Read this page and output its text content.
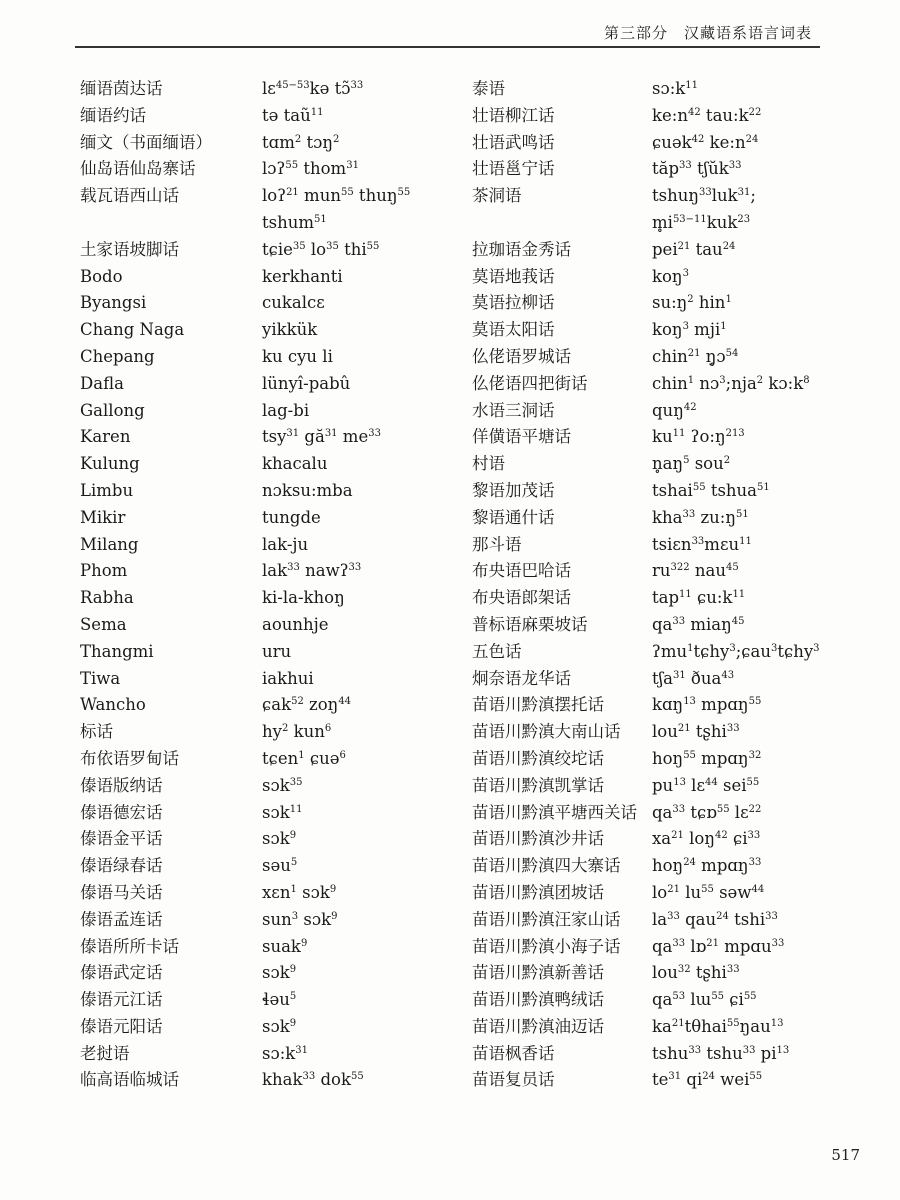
第三部分　汉藏语系语言词表
缅语茵达话
缅语约话
缅文（书面缅语）
仙岛语仙岛寨话
载瓦语西山话
土家语坡脚话
Bodo
Byangsi
Chang Naga
Chepang
Dafla
Gallong
Karen
Kulung
Limbu
Mikir
Milang
Phom
Rabha
Sema
Thangmi
Tiwa
Wancho
标话
布依语罗甸话
傣语版纳话
傣语德宏话
傣语金平话
傣语绿春话
傣语马关话
傣语孟连话
傣语所所卡话
傣语武定话
傣语元江话
傣语元阳话
老挝语
临高语临城话
lɛ$^{45-53}$kə tɔ̃$^{33}$
tə taũ$^{11}$
tɑm$^2$ tɔŋ$^2$
lɔʔ$^{55}$ thom$^{31}$
loʔ$^{21}$ mun$^{55}$ thuŋ$^{55}$
tshum$^{51}$
tɕie$^{35}$ $lo^{35}$ thi$^{55}$
kerkhanti
cukalcɛ
yikkük
ku cyu li
lünyî-pabû
lag-bi
tsy$^{31}$ $gă^{31}$ $me^{33}$
khacalu
nɔksu:mba
tungde
lak-ju
lak$^{33}$ nawʔ$^{33}$
ki-la-khoŋ
aounhje
uru
iakhui
ɕak$^{52}$ zoŋ$^{44}$
$hy^2$ kun$^6$
tɕen$^1$ ɕuə$^6$
sɔk$^{35}$
sɔk$^{11}$
sɔk$^9$
səu$^5$
xɛn$^1$ sɔk$^9$
sun$^3$ sɔk$^9$
suak$^9$
sɔk$^9$
ɬəu$^5$
sɔk$^9$
$sɔ:k^{31}$
khak$^{33}$ dok$^{55}$
泰语
壮语柳江话
壮语武鸣话
壮语邕宁话
茶洞语
拉珈语金秀话
莫语地莪话
莫语拉柳话
莫语太阳话
仫佬语罗城话
仫佬语四把街话
水语三洞话
佯僙语平塘话
村语
黎语加茂话
黎语通什话
那斗语
布央语巴哈话
布央语郎架话
普标语麻栗坡话
五色话
炯奈语龙华话
苗语川黔滇摆托话
苗语川黔滇大南山话
苗语川黔滇绞坨话
苗语川黔滇凯掌话
苗语川黔滇平塘西关话
苗语川黔滇沙井话
苗语川黔滇四大寨话
苗语川黔滇团坡话
苗语川黔滇汪家山话
苗语川黔滇小海子话
苗语川黔滇新善话
苗语川黔滇鸭绒话
苗语川黔滇油迈话
苗语枫香话
苗语复员话
$sɔ:k^{11}$
$ke:n^{42}$ $tau:k^{22}$
ɕuək$^{42}$ $ke:n^{24}$
tăp$^{33}$ tʃŭk$^{33}$
tshuŋ$^{33}$luk$^{31}$;
$m̥i^{53-11}kuk^{23}$
pei$^{21}$ tau$^{24}$
koŋ$^3$
$su:ŋ^2$ hin$^1$
koŋ$^3$ mji$^1$
chin$^{21}$ ŋ̥ɔ$^{54}$
chin$^1$ nɔ$^3$;nja$^2$ $kɔ:k^8$
quŋ$^{42}$
$ku^{11}$ $ʔo:ŋ^{213}$
$n̥aŋ^5$ sou$^2$
tshai$^{55}$ tshua$^{51}$
kha$^{33}$ $zu:ŋ^{51}$
tsiɛn$^{33}$mɛu$^{11}$
$ru^{322}$ nau$^{45}$
tap$^{11}$ $ɕu:k^{11}$
$qa^{33}$ miaŋ$^{45}$
ʔmu$^1$tɕhy$^3$;ɕau$^3$tɕhy$^3$
tʃa$^{31}$ ðua$^{43}$
kɑŋ$^{13}$ mpɑŋ$^{55}$
lou$^{21}$ tʂhi$^{33}$
hoŋ$^{55}$ mpɑŋ$^{32}$
$pu^{13}$ lɛ$^{44}$ sei$^{55}$
$qa^{33}$ tɕɒ$^{55}$ lɛ$^{22}$
$xa^{21}$ loŋ$^{42}$ ɕi$^{33}$
hoŋ$^{24}$ mpɑŋ$^{33}$
$lo^{21}$ $lu^{55}$ səw$^{44}$
$la^{33}$ qau$^{24}$ tshi$^{33}$
$qa^{33}$ lɒ$^{21}$ mpɑu$^{33}$
lou$^{32}$ tʂhi$^{33}$
$qa^{53}$ lɯ$^{55}$ ɕi$^{55}$
$ka^{21}t\theta hai^{55}ŋau^{13}$
tshu$^{33}$ tshu$^{33}$ $pi^{13}$
$te^{31}$ $qi^{24}$ wei$^{55}$
517
